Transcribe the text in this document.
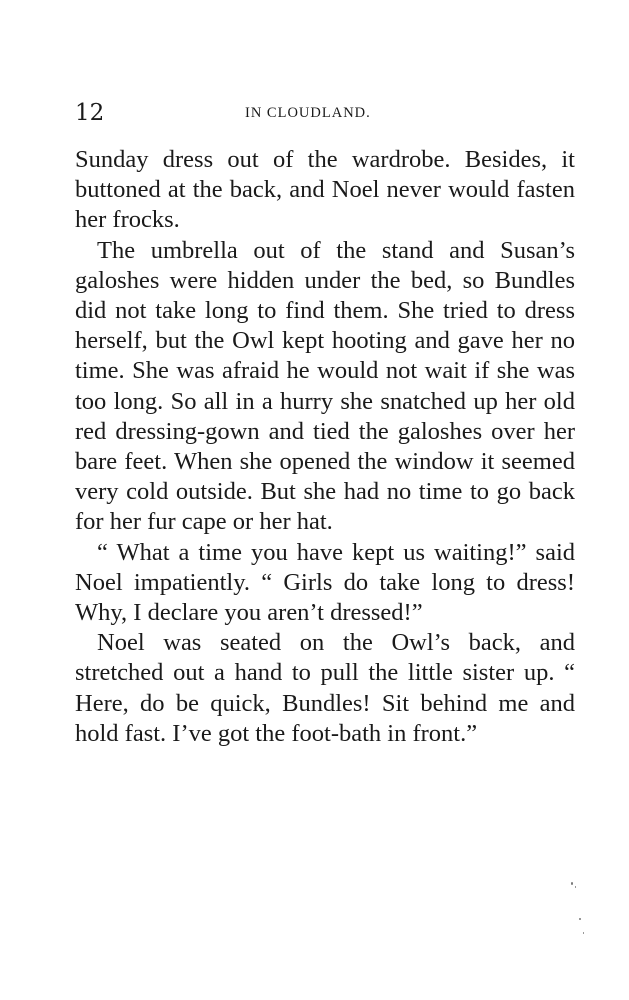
12	IN CLOUDLAND.

Sunday dress out of the wardrobe. Besides, it buttoned at the back, and Noel never would fasten her frocks.

The umbrella out of the stand and Susan’s galoshes were hidden under the bed, so Bundles did not take long to find them. She tried to dress herself, but the Owl kept hooting and gave her no time. She was afraid he would not wait if she was too long. So all in a hurry she snatched up her old red dressing-gown and tied the galoshes over her bare feet. When she opened the window it seemed very cold outside. But she had no time to go back for her fur cape or her hat.

“ What a time you have kept us waiting!” said Noel impatiently. “ Girls do take long to dress! Why, I declare you aren’t dressed!”

Noel was seated on the Owl’s back, and stretched out a hand to pull the little sister up. “ Here, do be quick, Bundles! Sit behind me and hold fast. I’ve got the foot-bath in front.”
